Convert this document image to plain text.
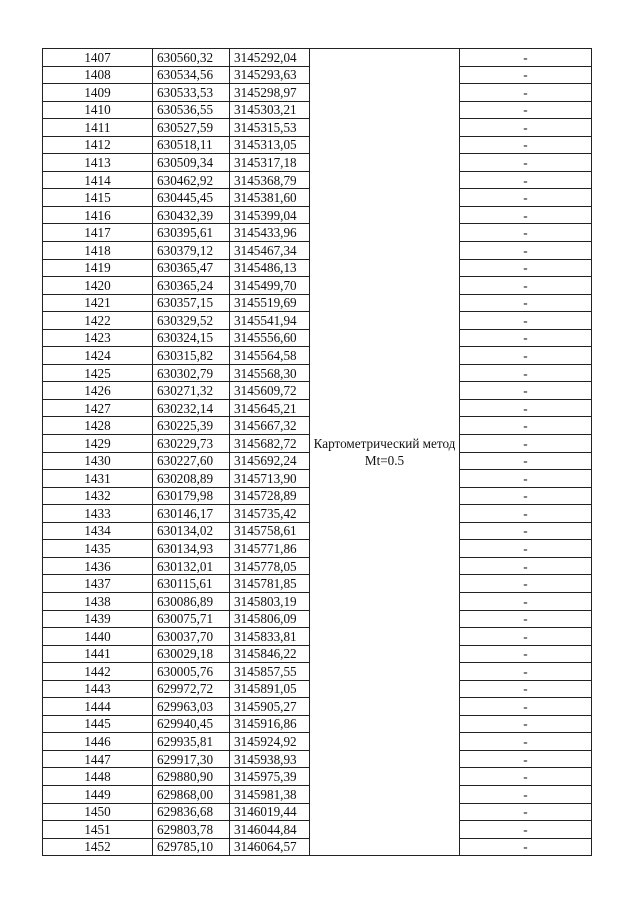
1407	630560,32	3145292,04	Картометрический метод Mt=0.5	-
1408	630534,56	3145293,63		-
1409	630533,53	3145298,97		-
1410	630536,55	3145303,21		-
1411	630527,59	3145315,53		-
1412	630518,11	3145313,05		-
1413	630509,34	3145317,18		-
1414	630462,92	3145368,79		-
1415	630445,45	3145381,60		-
1416	630432,39	3145399,04		-
1417	630395,61	3145433,96		-
1418	630379,12	3145467,34		-
1419	630365,47	3145486,13		-
1420	630365,24	3145499,70		-
1421	630357,15	3145519,69		-
1422	630329,52	3145541,94		-
1423	630324,15	3145556,60		-
1424	630315,82	3145564,58		-
1425	630302,79	3145568,30		-
1426	630271,32	3145609,72		-
1427	630232,14	3145645,21		-
1428	630225,39	3145667,32		-
1429	630229,73	3145682,72		-
1430	630227,60	3145692,24		-
1431	630208,89	3145713,90		-
1432	630179,98	3145728,89		-
1433	630146,17	3145735,42		-
1434	630134,02	3145758,61		-
1435	630134,93	3145771,86		-
1436	630132,01	3145778,05		-
1437	630115,61	3145781,85		-
1438	630086,89	3145803,19		-
1439	630075,71	3145806,09		-
1440	630037,70	3145833,81		-
1441	630029,18	3145846,22		-
1442	630005,76	3145857,55		-
1443	629972,72	3145891,05		-
1444	629963,03	3145905,27		-
1445	629940,45	3145916,86		-
1446	629935,81	3145924,92		-
1447	629917,30	3145938,93		-
1448	629880,90	3145975,39		-
1449	629868,00	3145981,38		-
1450	629836,68	3146019,44		-
1451	629803,78	3146044,84		-
1452	629785,10	3146064,57		-
